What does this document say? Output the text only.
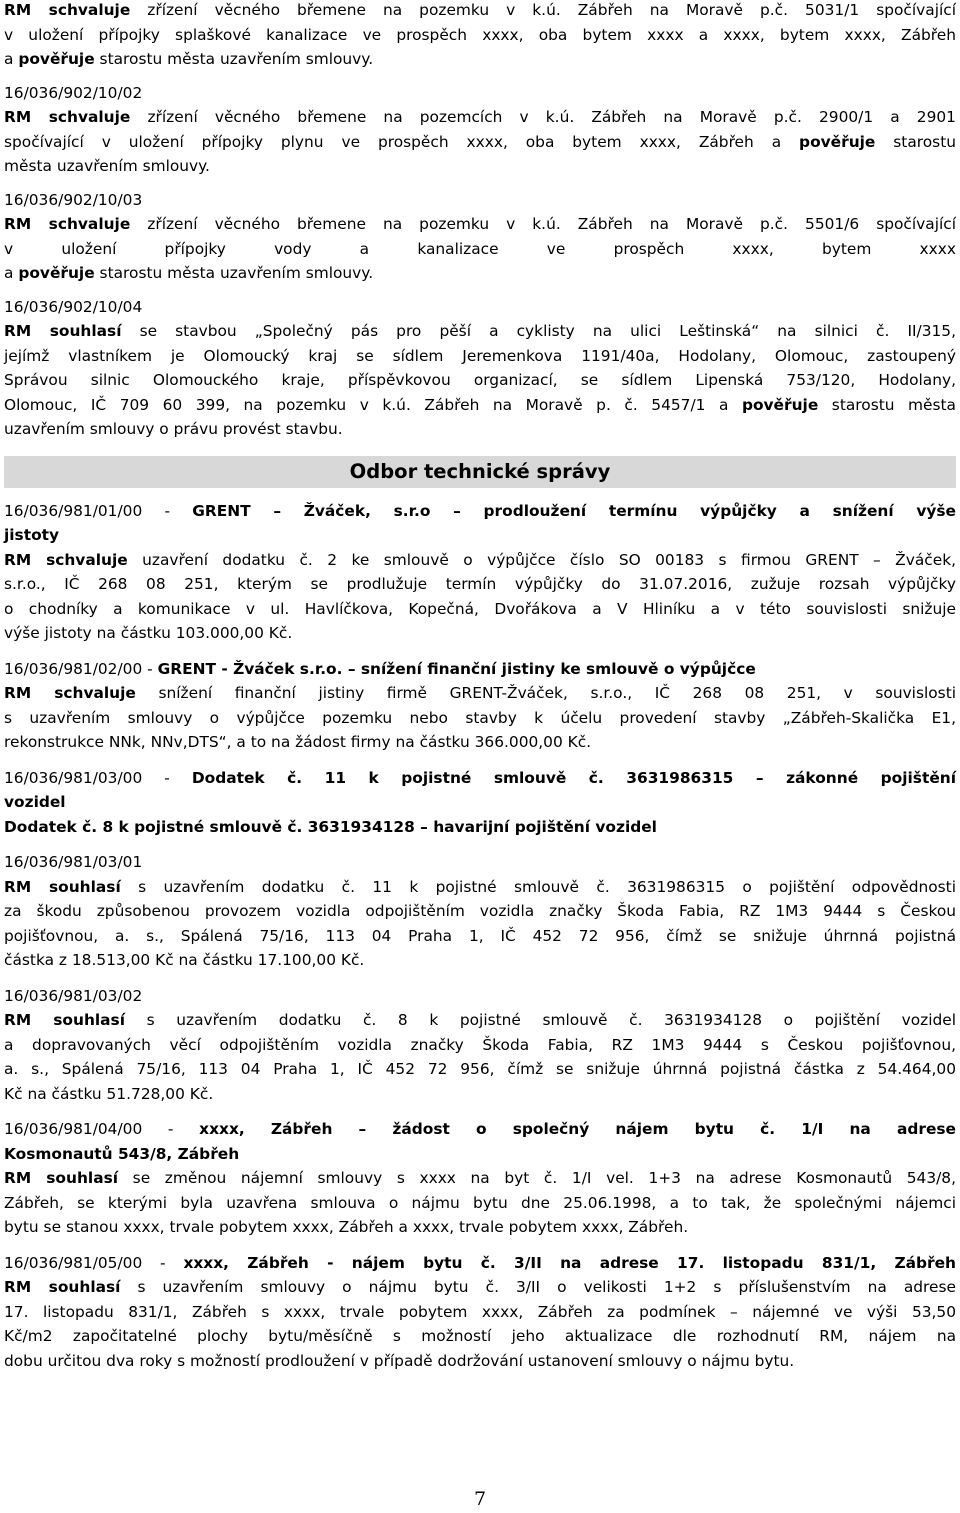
RM schvaluje zřízení věcného břemene na pozemku v k.ú. Zábřeh na Moravě p.č. 5031/1 spočívající
v uložení přípojky splaškové kanalizace ve prospěch xxxx, oba bytem xxxx a xxxx, bytem xxxx, Zábřeh
a pověřuje starostu města uzavřením smlouvy.
16/036/902/10/02
RM schvaluje zřízení věcného břemene na pozemcích v k.ú. Zábřeh na Moravě p.č. 2900/1 a 2901
spočívající v uložení přípojky plynu ve prospěch xxxx, oba bytem xxxx, Zábřeh a pověřuje starostu
města uzavřením smlouvy.
16/036/902/10/03
RM schvaluje zřízení věcného břemene na pozemku v k.ú. Zábřeh na Moravě p.č. 5501/6 spočívající
v uložení přípojky vody a kanalizace ve prospěch xxxx, bytem xxxx
a pověřuje starostu města uzavřením smlouvy.
16/036/902/10/04
RM souhlasí se stavbou „Společný pás pro pěší a cyklisty na ulici Leštinská“ na silnici č. II/315,
jejímž vlastníkem je Olomoucký kraj se sídlem Jeremenkova 1191/40a, Hodolany, Olomouc, zastoupený
Správou silnic Olomouckého kraje, příspěvkovou organizací, se sídlem Lipenská 753/120, Hodolany,
Olomouc, IČ 709 60 399, na pozemku v k.ú. Zábřeh na Moravě p. č. 5457/1 a pověřuje starostu města
uzavřením smlouvy o právu provést stavbu.
Odbor technické správy
16/036/981/01/00 - GRENT – Žváček, s.r.o – prodloužení termínu výpůjčky a snížení výše
jistoty
RM schvaluje uzavření dodatku č. 2 ke smlouvě o výpůjčce číslo SO 00183 s firmou GRENT – Žváček,
s.r.o., IČ 268 08 251, kterým se prodlužuje termín výpůjčky do 31.07.2016, zužuje rozsah výpůjčky
o chodníky a komunikace v ul. Havlíčkova, Kopečná, Dvořákova a V Hliníku a v této souvislosti snižuje
výše jistoty na částku 103.000,00 Kč.
16/036/981/02/00 - GRENT - Žváček s.r.o. – snížení finanční jistiny ke smlouvě o výpůjčce
RM schvaluje snížení finanční jistiny firmě GRENT-Žváček, s.r.o., IČ 268 08 251, v souvislosti
s uzavřením smlouvy o výpůjčce pozemku nebo stavby k účelu provedení stavby „Zábřeh-Skalička E1,
rekonstrukce NNk, NNv,DTS“, a to na žádost firmy na částku 366.000,00 Kč.
16/036/981/03/00 - Dodatek č. 11 k pojistné smlouvě č. 3631986315 – zákonné pojištění
vozidel
Dodatek č. 8 k pojistné smlouvě č. 3631934128 – havarijní pojištění vozidel
16/036/981/03/01
RM souhlasí s uzavřením dodatku č. 11 k pojistné smlouvě č. 3631986315 o pojištění odpovědnosti
za škodu způsobenou provozem vozidla odpojištěním vozidla značky Škoda Fabia, RZ 1M3 9444 s Českou
pojišťovnou, a. s., Spálená 75/16, 113 04 Praha 1, IČ 452 72 956, čímž se snižuje úhrnná pojistná
částka z 18.513,00 Kč na částku 17.100,00 Kč.
16/036/981/03/02
RM souhlasí s uzavřením dodatku č. 8 k pojistné smlouvě č. 3631934128 o pojištění vozidel
a dopravovaných věcí odpojištěním vozidla značky Škoda Fabia, RZ 1M3 9444 s Českou pojišťovnou,
a. s., Spálená 75/16, 113 04 Praha 1, IČ 452 72 956, čímž se snižuje úhrnná pojistná částka z 54.464,00
Kč na částku 51.728,00 Kč.
16/036/981/04/00 - xxxx, Zábřeh – žádost o společný nájem bytu č. 1/I na adrese
Kosmonautů 543/8, Zábřeh
RM souhlasí se změnou nájemní smlouvy s xxxx na byt č. 1/I vel. 1+3 na adrese Kosmonautů 543/8,
Zábřeh, se kterými byla uzavřena smlouva o nájmu bytu dne 25.06.1998, a to tak, že společnými nájemci
bytu se stanou xxxx, trvale pobytem xxxx, Zábřeh a xxxx, trvale pobytem xxxx, Zábřeh.
16/036/981/05/00 - xxxx, Zábřeh - nájem bytu č. 3/II na adrese 17. listopadu 831/1, Zábřeh
RM souhlasí s uzavřením smlouvy o nájmu bytu č. 3/II o velikosti 1+2 s příslušenstvím na adrese
17. listopadu 831/1, Zábřeh s xxxx, trvale pobytem xxxx, Zábřeh za podmínek – nájemné ve výši 53,50
Kč/m2 započitatelné plochy bytu/měsíčně s možností jeho aktualizace dle rozhodnutí RM, nájem na
dobu určitou dva roky s možností prodloužení v případě dodržování ustanovení smlouvy o nájmu bytu.
7
